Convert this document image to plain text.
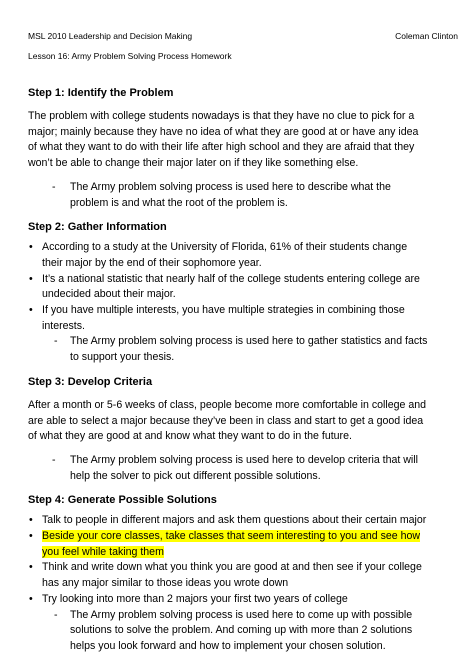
MSL 2010 Leadership and Decision Making	Coleman Clinton
Lesson 16: Army Problem Solving Process Homework
Step 1: Identify the Problem

The problem with college students nowadays is that they have no clue to pick for a major; mainly because they have no idea of what they are good at or have any idea of what they want to do with their life after high school and they are afraid that they won’t be able to change their major later on if they like something else.

- The Army problem solving process is used here to describe what the problem is and what the root of the problem is.
Step 2: Gather Information
• According to a study at the University of Florida, 61% of their students change their major by the end of their sophomore year.
• It’s a national statistic that nearly half of the college students entering college are undecided about their major.
• If you have multiple interests, you have multiple strategies in combining those interests.
- The Army problem solving process is used here to gather statistics and facts to support your thesis.
Step 3: Develop Criteria

After a month or 5-6 weeks of class, people become more comfortable in college and are able to select a major because they’ve been in class and start to get a good idea of what they are good at and know what they want to do in the future.

- The Army problem solving process is used here to develop criteria that will help the solver to pick out different possible solutions.
Step 4: Generate Possible Solutions
• Talk to people in different majors and ask them questions about their certain major
• Beside your core classes, take classes that seem interesting to you and see how you feel while taking them
• Think and write down what you think you are good at and then see if your college has any major similar to those ideas you wrote down
• Try looking into more than 2 majors your first two years of college
- The Army problem solving process is used here to come up with possible solutions to solve the problem. And coming up with more than 2 solutions helps you look forward and how to implement your chosen solution.
